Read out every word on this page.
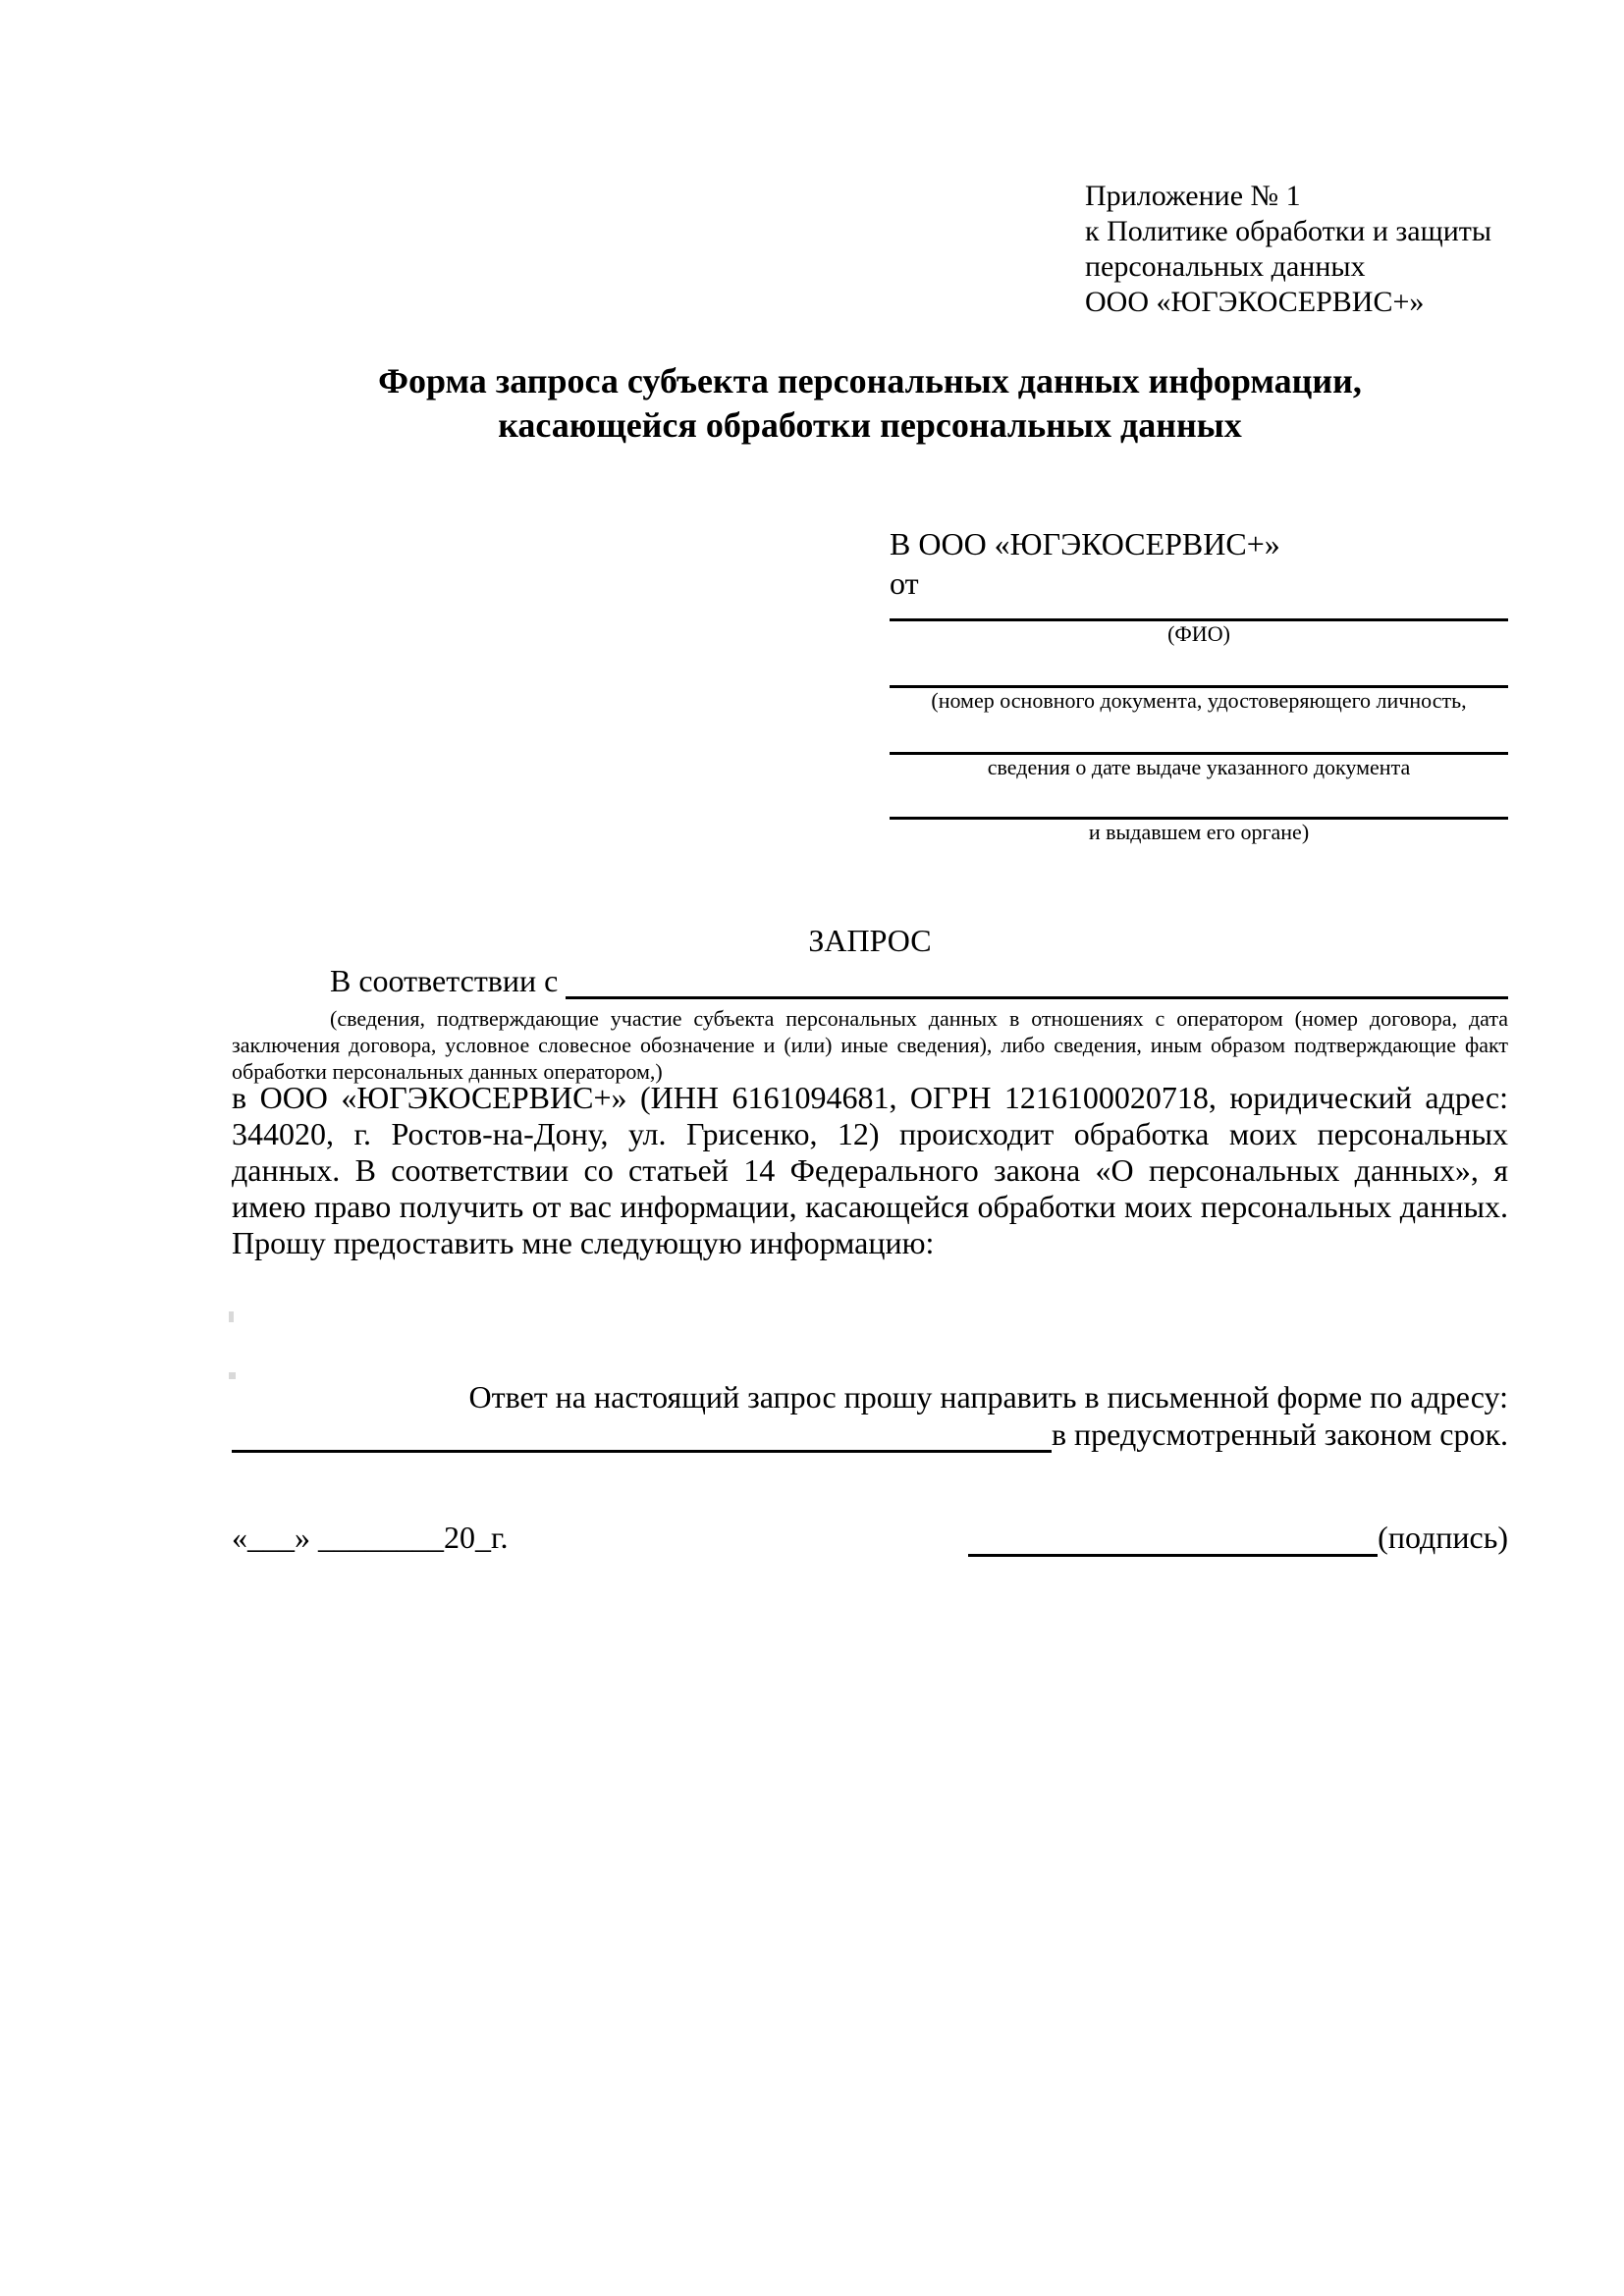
Приложение № 1
к Политике обработки и защиты
персональных данных
ООО «ЮГЭКОСЕРВИС+»
Форма запроса субъекта персональных данных информации,
касающейся обработки персональных данных
В ООО «ЮГЭКОСЕРВИС+»
от
(ФИО)
(номер основного документа, удостоверяющего личность,
сведения о дате выдаче указанного документа
и выдавшем его органе)
ЗАПРОС
В соответствии с
(сведения, подтверждающие участие субъекта персональных данных в отношениях с оператором (номер договора, дата заключения договора, условное словесное обозначение и (или) иные сведения), либо сведения, иным образом подтверждающие факт обработки персональных данных оператором,)
в ООО «ЮГЭКОСЕРВИС+» (ИНН 6161094681, ОГРН 1216100020718, юридический адрес: 344020, г. Ростов-на-Дону, ул. Грисенко, 12) происходит обработка моих персональных данных. В соответствии со статьей 14 Федерального закона «О персональных данных», я имею право получить от вас информации, касающейся обработки моих персональных данных. Прошу предоставить мне следующую информацию:
Ответ на настоящий запрос прошу направить в письменной форме по адресу:
в предусмотренный законом срок.
«___» ________20_г.	(подпись)
